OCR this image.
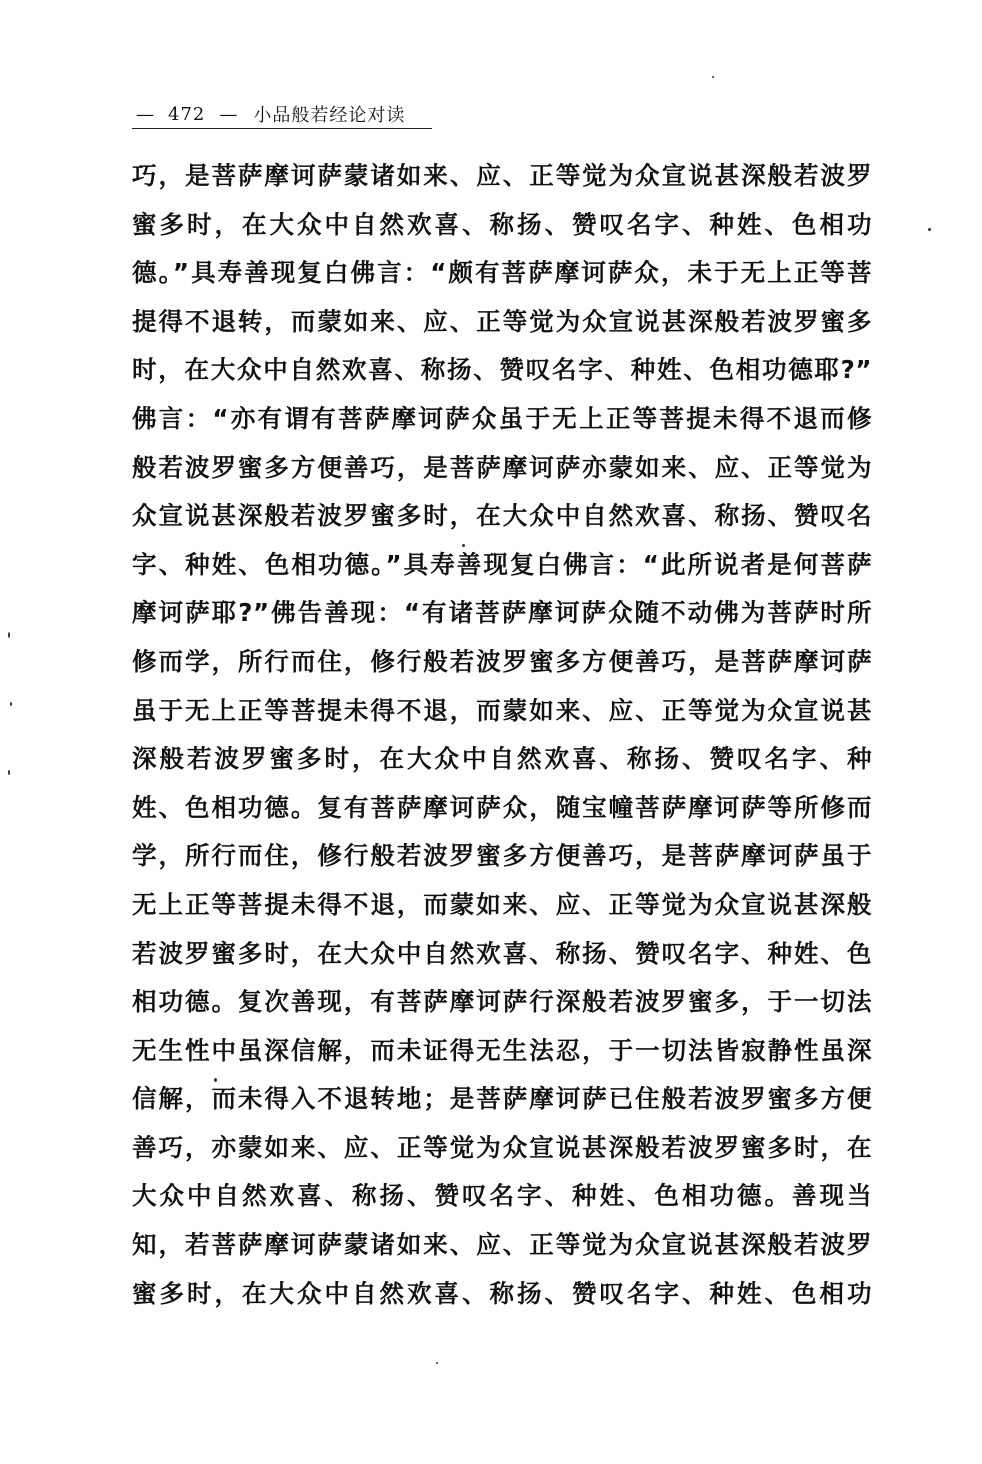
— 472 — 小品般若经论对读
巧，是菩萨摩诃萨蒙诸如来、应、正等觉为众宣说甚深般若波罗
蜜多时，在大众中自然欢喜、称扬、赞叹名字、种姓、色相功
德。”具寿善现复白佛言：“颇有菩萨摩诃萨众，未于无上正等菩
提得不退转，而蒙如来、应、正等觉为众宣说甚深般若波罗蜜多
时，在大众中自然欢喜、称扬、赞叹名字、种姓、色相功德耶?”
佛言：“亦有谓有菩萨摩诃萨众虽于无上正等菩提未得不退而修
般若波罗蜜多方便善巧，是菩萨摩诃萨亦蒙如来、应、正等觉为
众宣说甚深般若波罗蜜多时，在大众中自然欢喜、称扬、赞叹名
字、种姓、色相功德。”具寿善现复白佛言：“此所说者是何菩萨
摩诃萨耶?”佛告善现：“有诸菩萨摩诃萨众随不动佛为菩萨时所
修而学，所行而住，修行般若波罗蜜多方便善巧，是菩萨摩诃萨
虽于无上正等菩提未得不退，而蒙如来、应、正等觉为众宣说甚
深般若波罗蜜多时，在大众中自然欢喜、称扬、赞叹名字、种
姓、色相功德。复有菩萨摩诃萨众，随宝幢菩萨摩诃萨等所修而
学，所行而住，修行般若波罗蜜多方便善巧，是菩萨摩诃萨虽于
无上正等菩提未得不退，而蒙如来、应、正等觉为众宣说甚深般
若波罗蜜多时，在大众中自然欢喜、称扬、赞叹名字、种姓、色
相功德。复次善现，有菩萨摩诃萨行深般若波罗蜜多，于一切法
无生性中虽深信解，而未证得无生法忍，于一切法皆寂静性虽深
信解，而未得入不退转地；是菩萨摩诃萨已住般若波罗蜜多方便
善巧，亦蒙如来、应、正等觉为众宣说甚深般若波罗蜜多时，在
大众中自然欢喜、称扬、赞叹名字、种姓、色相功德。善现当
知，若菩萨摩诃萨蒙诸如来、应、正等觉为众宣说甚深般若波罗
蜜多时，在大众中自然欢喜、称扬、赞叹名字、种姓、色相功
